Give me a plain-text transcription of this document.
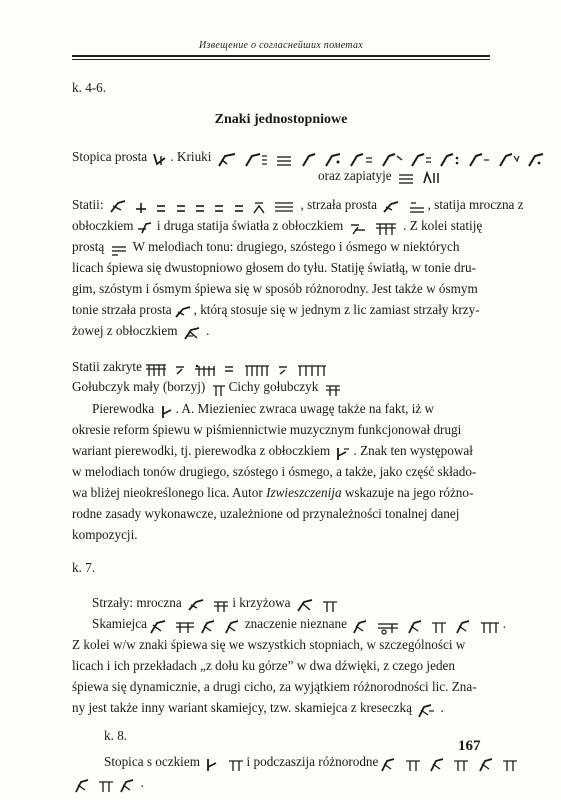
Извещение о согласнейших пометах
k. 4-6.
Znaki jednostopniowe
Stopica prosta . Kriuki

oraz zapiatyje

Statii:

	, strzała prosta
	, statija mroczna z
obłoczkiem i druga statija światła z obłoczkiem
	. Z kolei statiję
prostą W melodiach tonu: drugiego, szóstego i ósmego w niektórych
licach śpiewa się dwustopniowo głosem do tyłu. Statiję światłą, w tonie dru-
gim, szóstym i ósmym śpiewa się w sposób różnorodny. Jest także w ósmym
tonie strzała prosta , którą stosuje się w jednym z lic zamiast strzały krzy-
żowej z obłoczkiem .
Statii zakryte

Gołubczyk mały (borzyj) Cichy gołubczyk
Pierewodka . A. Miezieniec zwraca uwagę także na fakt, iż w
okresie reform śpiewu w piśmiennictwie muzycznym funkcjonował drugi
wariant pierewodki, tj. pierewodka z obłoczkiem . Znak ten występował
w melodiach tonów drugiego, szóstego i ósmego, a także, jako część składo-
wa bliżej nieokreślonego lica. Autor Izwieszczenija wskazuje na jego różno-
rodne zasady wykonawcze, uzależnione od przynależności tonalnej danej
kompozycji.
k. 7.
Strzały: mroczna
	i krzyżowa

Skamiejca

	znaczenie nieznane

	.
Z kolei w/w znaki śpiewa się we wszystkich stopniach, w szczególności w
licach i ich przekładach „z dołu ku górze” w dwa dźwięki, z czego jeden
śpiewa się dynamicznie, a drugi cicho, za wyjątkiem różnorodności lic. Zna-
ny jest także inny wariant skamiejcy, tzw. skamiejca z kreseczką .
k. 8.
Stopica s oczkiem
	i podczaszija różnorodne

.
167
